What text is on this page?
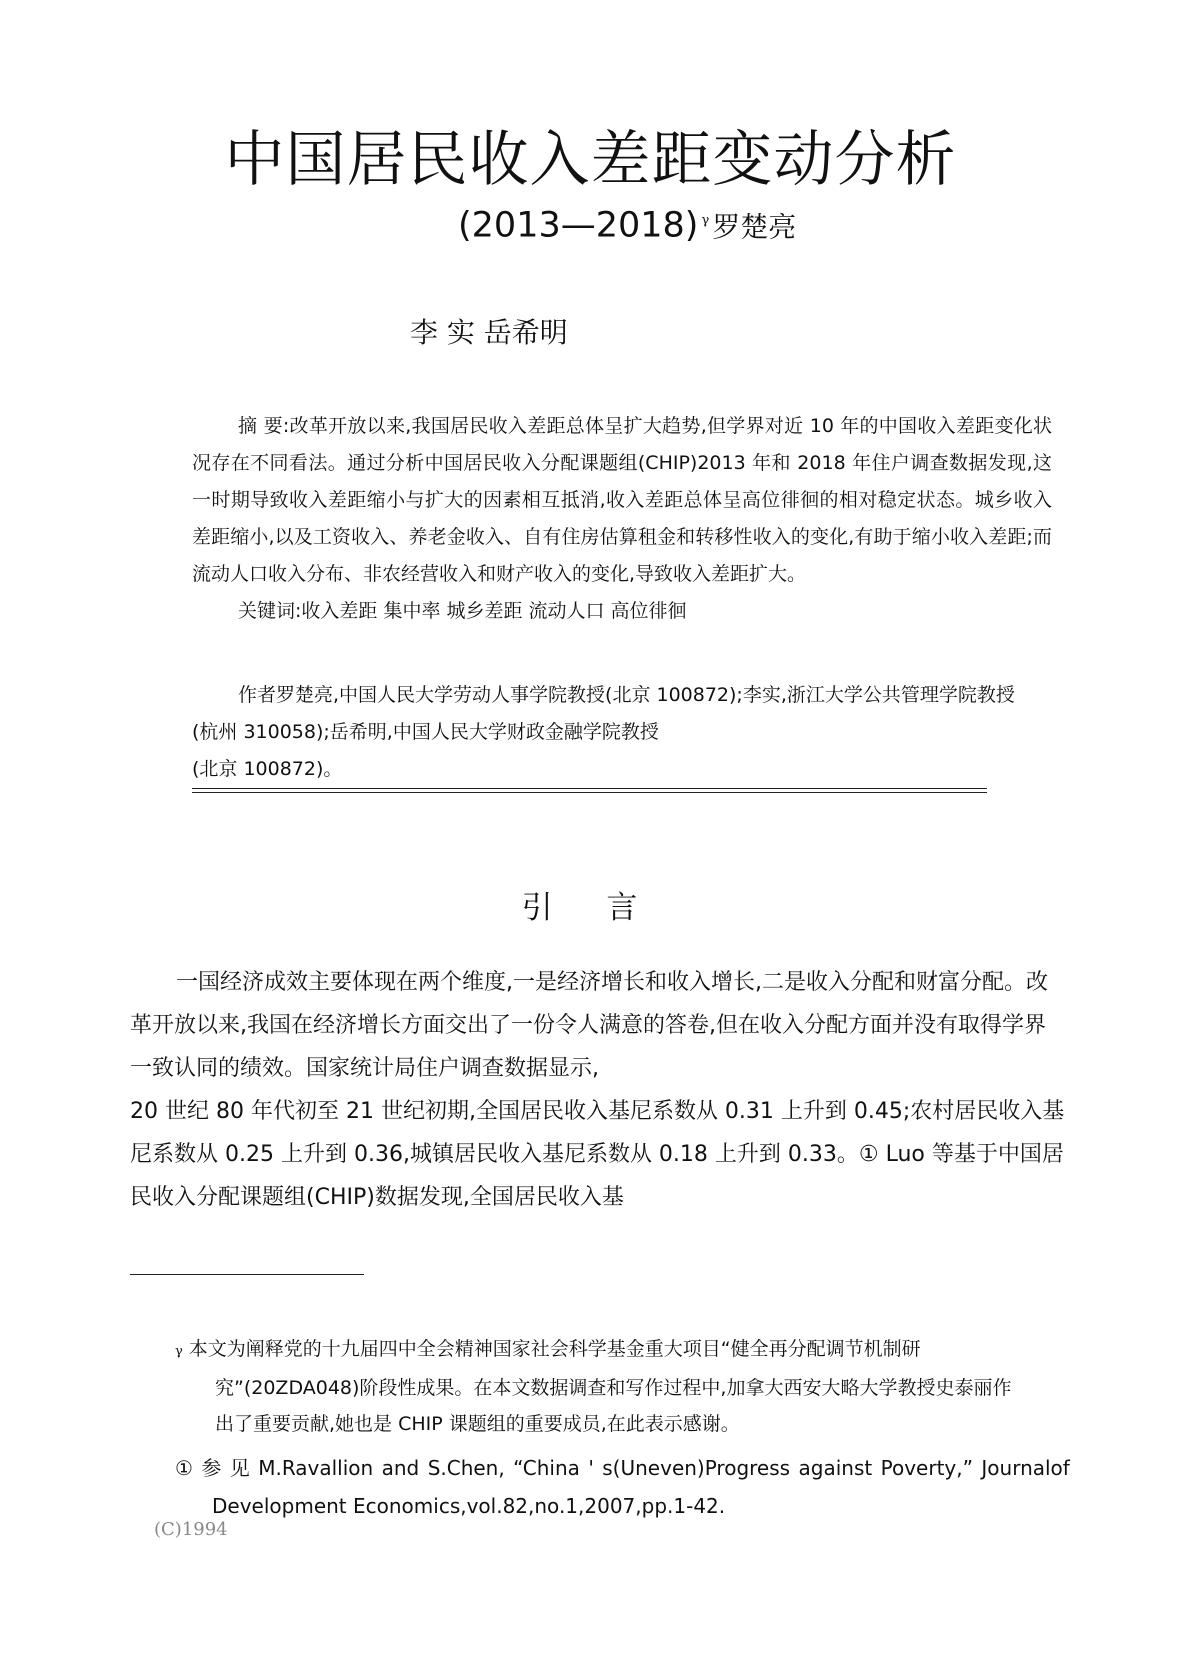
中国居民收入差距变动分析
(2013—2018) $^\gamma$ 罗楚亮
李 实 岳希明
摘 要:改革开放以来,我国居民收入差距总体呈扩大趋势,但学界对近 10 年的中国收入差距变化状况存在不同看法。通过分析中国居民收入分配课题组(CHIP)2013 年和 2018 年住户调查数据发现,这一时期导致收入差距缩小与扩大的因素相互抵消,收入差距总体呈高位徘徊的相对稳定状态。城乡收入差距缩小,以及工资收入、养老金收入、自有住房估算租金和转移性收入的变化,有助于缩小收入差距;而流动人口收入分布、非农经营收入和财产收入的变化,导致收入差距扩大。
关键词:收入差距 集中率 城乡差距 流动人口 高位徘徊

作者罗楚亮,中国人民大学劳动人事学院教授(北京 100872);李实,浙江大学公共管理学院教授

(杭州 310058);岳希明,中国人民大学财政金融学院教授

(北京 100872)。

引 言

一国经济成效主要体现在两个维度,一是经济增长和收入增长,二是收入分配和财富分配。改革开放以来,我国在经济增长方面交出了一份令人满意的答卷,但在收入分配方面并没有取得学界一致认同的绩效。国家统计局住户调查数据显示,

20 世纪 80 年代初至 21 世纪初期,全国居民收入基尼系数从 0.31 上升到 0.45;农村居民收入基尼系数从 0.25 上升到 0.36,城镇居民收入基尼系数从 0.18 上升到 0.33。① Luo 等基于中国居民收入分配课题组(CHIP)数据发现,全国居民收入基

γ 本文为阐释党的十九届四中全会精神国家社会科学基金重大项目“健全再分配调节机制研

究”(20ZDA048)阶段性成果。在本文数据调查和写作过程中,加拿大西安大略大学教授史泰丽作

出了重要贡献,她也是 CHIP 课题组的重要成员,在此表示感谢。

① 参 见 M.Ravallion and S.Chen, “China ' s(Uneven)Progress against Poverty,” Journalof

Development Economics,vol.82,no.1,2007,pp.1-42.

(C)1994
